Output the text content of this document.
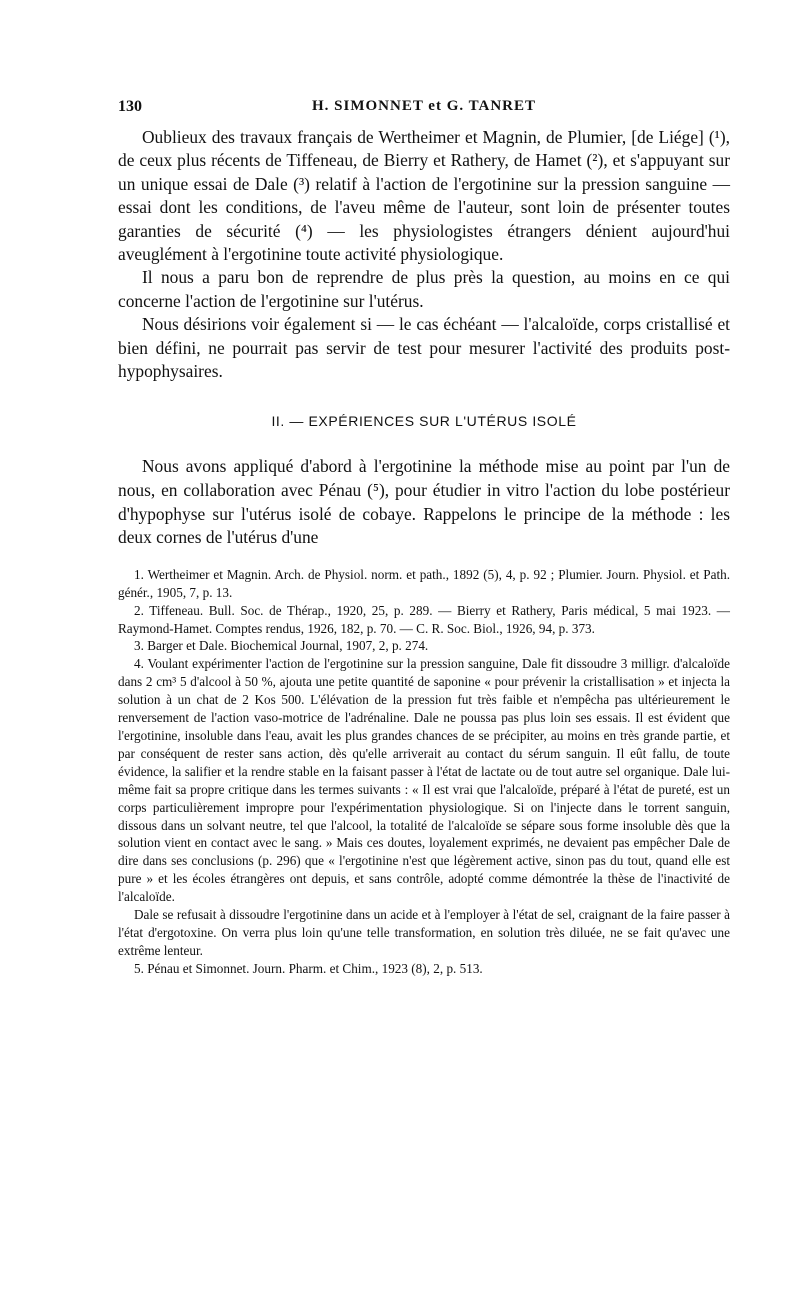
130	H. SIMONNET et G. TANRET

Oublieux des travaux français de Wertheimer et Magnin, de Plumier, [de Liége] (¹), de ceux plus récents de Tiffeneau, de Bierry et Rathery, de Hamet (²), et s'appuyant sur un unique essai de Dale (³) relatif à l'action de l'ergotinine sur la pression sanguine — essai dont les conditions, de l'aveu même de l'auteur, sont loin de présenter toutes garanties de sécurité (⁴) — les physiologistes étrangers dénient aujourd'hui aveuglément à l'ergotinine toute activité physiologique.

Il nous a paru bon de reprendre de plus près la question, au moins en ce qui concerne l'action de l'ergotinine sur l'utérus.

Nous désirions voir également si — le cas échéant — l'alcaloïde, corps cristallisé et bien défini, ne pourrait pas servir de test pour mesurer l'activité des produits post-hypophysaires.

II. — EXPÉRIENCES SUR L'UTÉRUS ISOLÉ

Nous avons appliqué d'abord à l'ergotinine la méthode mise au point par l'un de nous, en collaboration avec Pénau (⁵), pour étudier in vitro l'action du lobe postérieur d'hypophyse sur l'utérus isolé de cobaye. Rappelons le principe de la méthode : les deux cornes de l'utérus d'une

1. Wertheimer et Magnin. Arch. de Physiol. norm. et path., 1892 (5), 4, p. 92 ; Plumier. Journ. Physiol. et Path. génér., 1905, 7, p. 13.

2. Tiffeneau. Bull. Soc. de Thérap., 1920, 25, p. 289. — Bierry et Rathery, Paris médical, 5 mai 1923. — Raymond-Hamet. Comptes rendus, 1926, 182, p. 70. — C. R. Soc. Biol., 1926, 94, p. 373.

3. Barger et Dale. Biochemical Journal, 1907, 2, p. 274.

4. Voulant expérimenter l'action de l'ergotinine sur la pression sanguine, Dale fit dissoudre 3 milligr. d'alcaloïde dans 2 cm³ 5 d'alcool à 50 %, ajouta une petite quantité de saponine « pour prévenir la cristallisation » et injecta la solution à un chat de 2 Kos 500. L'élévation de la pression fut très faible et n'empêcha pas ultérieurement le renversement de l'action vaso-motrice de l'adrénaline. Dale ne poussa pas plus loin ses essais. Il est évident que l'ergotinine, insoluble dans l'eau, avait les plus grandes chances de se précipiter, au moins en très grande partie, et par conséquent de rester sans action, dès qu'elle arriverait au contact du sérum sanguin. Il eût fallu, de toute évidence, la salifier et la rendre stable en la faisant passer à l'état de lactate ou de tout autre sel organique. Dale lui-même fait sa propre critique dans les termes suivants : « Il est vrai que l'alcaloïde, préparé à l'état de pureté, est un corps particulièrement impropre pour l'expérimentation physiologique. Si on l'injecte dans le torrent sanguin, dissous dans un solvant neutre, tel que l'alcool, la totalité de l'alcaloïde se sépare sous forme insoluble dès que la solution vient en contact avec le sang. » Mais ces doutes, loyalement exprimés, ne devaient pas empêcher Dale de dire dans ses conclusions (p. 296) que « l'ergotinine n'est que légèrement active, sinon pas du tout, quand elle est pure » et les écoles étrangères ont depuis, et sans contrôle, adopté comme démontrée la thèse de l'inactivité de l'alcaloïde.

Dale se refusait à dissoudre l'ergotinine dans un acide et à l'employer à l'état de sel, craignant de la faire passer à l'état d'ergotoxine. On verra plus loin qu'une telle transformation, en solution très diluée, ne se fait qu'avec une extrême lenteur.

5. Pénau et Simonnet. Journ. Pharm. et Chim., 1923 (8), 2, p. 513.
